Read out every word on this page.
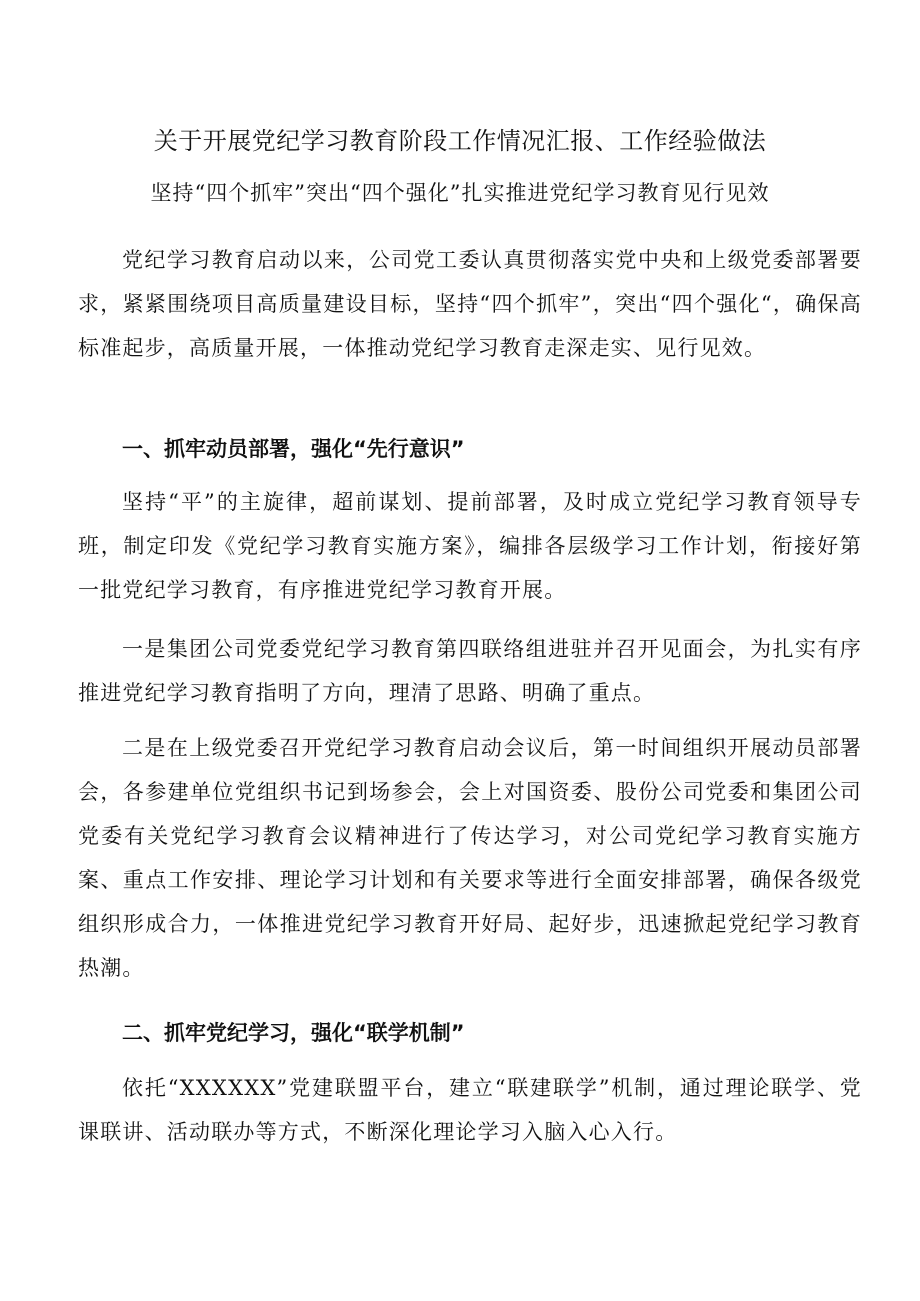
关于开展党纪学习教育阶段工作情况汇报、工作经验做法
坚持“四个抓牢”突出“四个强化”扎实推进党纪学习教育见行见效

党纪学习教育启动以来，公司党工委认真贯彻落实党中央和上级党委部署要求，紧紧围绕项目高质量建设目标，坚持“四个抓牢”，突出“四个强化“，确保高标准起步，高质量开展，一体推动党纪学习教育走深走实、见行见效。

一、抓牢动员部署，强化“先行意识”

坚持“平”的主旋律，超前谋划、提前部署，及时成立党纪学习教育领导专班，制定印发《党纪学习教育实施方案》，编排各层级学习工作计划，衔接好第一批党纪学习教育，有序推进党纪学习教育开展。

一是集团公司党委党纪学习教育第四联络组进驻并召开见面会，为扎实有序推进党纪学习教育指明了方向，理清了思路、明确了重点。

二是在上级党委召开党纪学习教育启动会议后，第一时间组织开展动员部署会，各参建单位党组织书记到场参会，会上对国资委、股份公司党委和集团公司党委有关党纪学习教育会议精神进行了传达学习，对公司党纪学习教育实施方案、重点工作安排、理论学习计划和有关要求等进行全面安排部署，确保各级党组织形成合力，一体推进党纪学习教育开好局、起好步，迅速掀起党纪学习教育热潮。

二、抓牢党纪学习，强化“联学机制”

依托“XXXXXX”党建联盟平台，建立“联建联学”机制，通过理论联学、党课联讲、活动联办等方式，不断深化理论学习入脑入心入行。
